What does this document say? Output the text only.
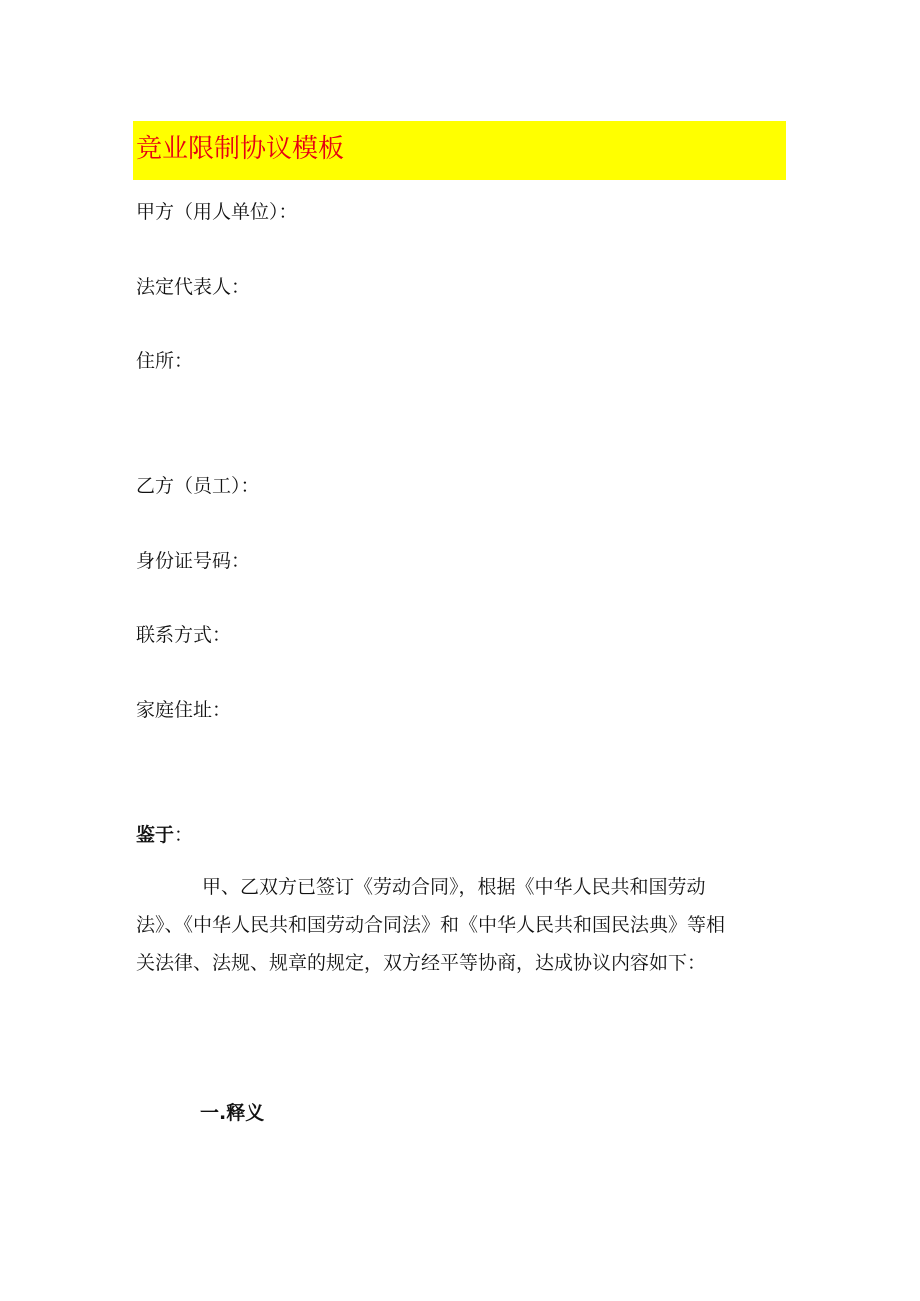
竞业限制协议模板
甲方（用人单位）：
法定代表人：
住所：
乙方（员工）：
身份证号码：
联系方式：
家庭住址：
鉴于：
甲、乙双方已签订《劳动合同》，根据《中华人民共和国劳动
法》、《中华人民共和国劳动合同法》和《中华人民共和国民法典》等相
关法律、法规、规章的规定，双方经平等协商，达成协议内容如下：
一.释义
